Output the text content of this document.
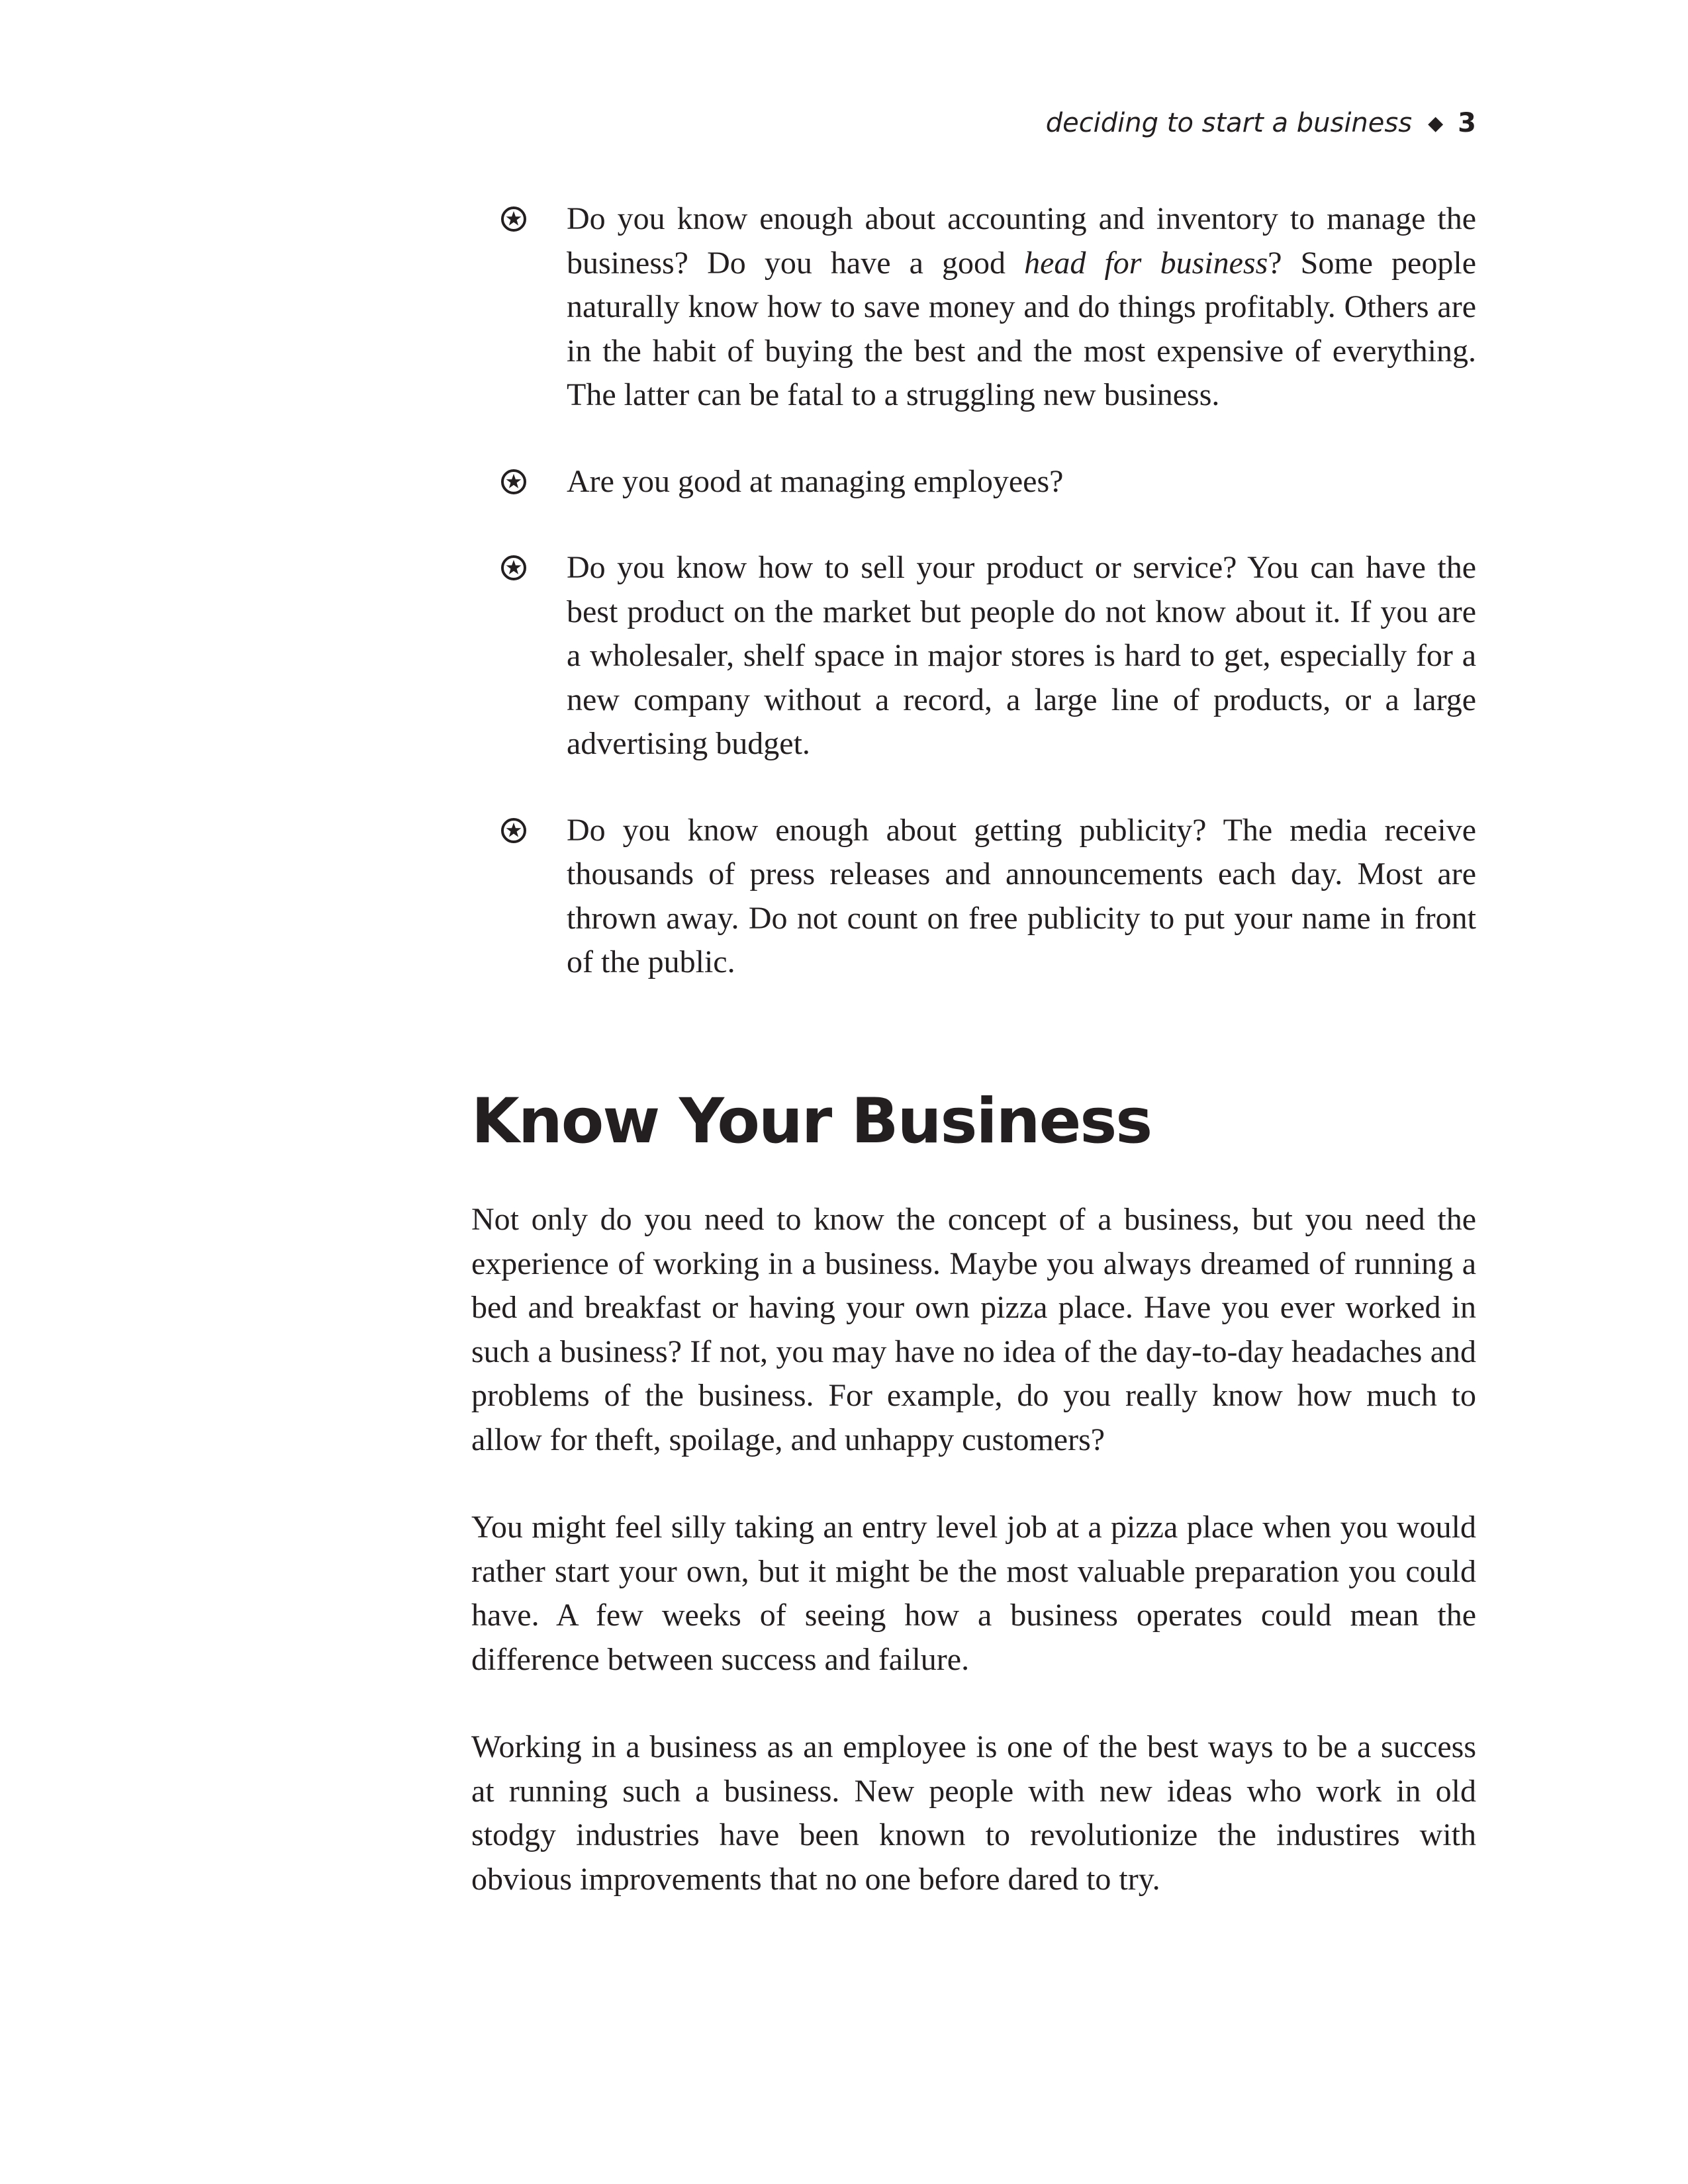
deciding to start a business ◆ 3
Do you know enough about accounting and inventory to manage the business? Do you have a good head for business? Some people naturally know how to save money and do things profitably. Others are in the habit of buying the best and the most expensive of everything. The latter can be fatal to a struggling new business.
Are you good at managing employees?
Do you know how to sell your product or service? You can have the best product on the market but people do not know about it. If you are a wholesaler, shelf space in major stores is hard to get, especially for a new company without a record, a large line of products, or a large advertising budget.
Do you know enough about getting publicity? The media receive thousands of press releases and announcements each day. Most are thrown away. Do not count on free publicity to put your name in front of the public.
Know Your Business

Not only do you need to know the concept of a business, but you need the experience of working in a business. Maybe you always dreamed of running a bed and breakfast or having your own pizza place. Have you ever worked in such a business? If not, you may have no idea of the day-to-day headaches and problems of the business. For example, do you really know how much to allow for theft, spoilage, and unhappy customers?

You might feel silly taking an entry level job at a pizza place when you would rather start your own, but it might be the most valuable preparation you could have. A few weeks of seeing how a business operates could mean the difference between success and failure.

Working in a business as an employee is one of the best ways to be a success at running such a business. New people with new ideas who work in old stodgy industries have been known to revolutionize the industires with obvious improvements that no one before dared to try.
